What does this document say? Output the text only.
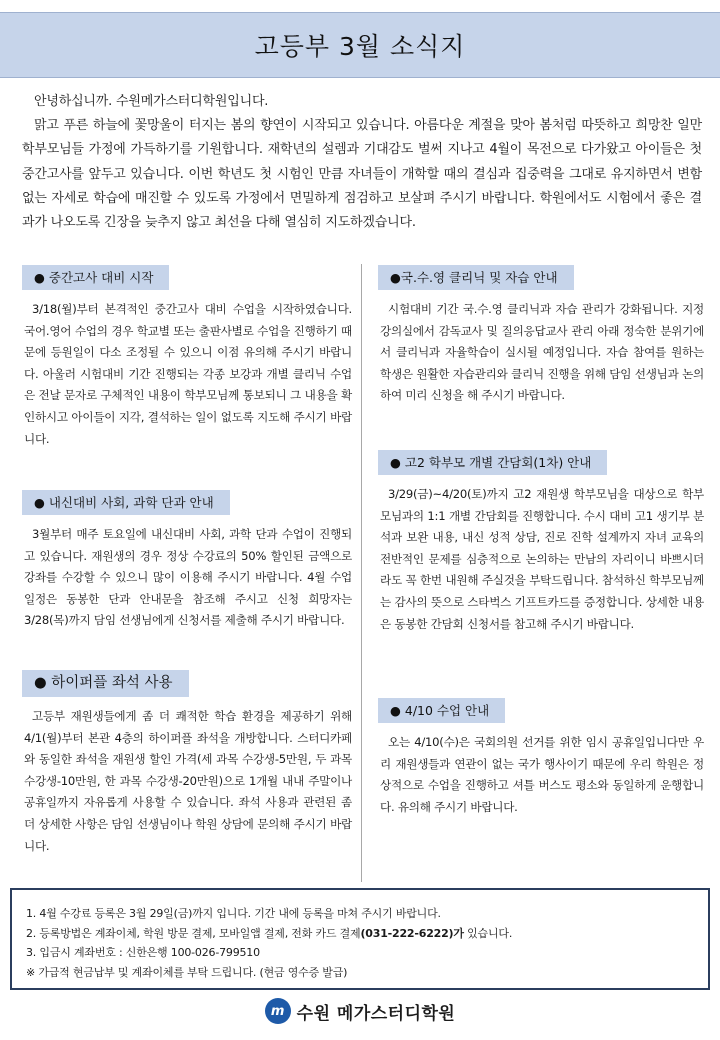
고등부 3월 소식지

안녕하십니까. 수원메가스터디학원입니다.

맑고 푸른 하늘에 꽃망울이 터지는 봄의 향연이 시작되고 있습니다. 아름다운 계절을 맞아 봄처럼 따뜻하고 희망찬 일만 학부모님들 가정에 가득하기를 기원합니다. 재학년의 설렘과 기대감도 벌써 지나고 4월이 목전으로 다가왔고 아이들은 첫 중간고사를 앞두고 있습니다. 이번 학년도 첫 시험인 만큼 자녀들이 개학할 때의 결심과 집중력을 그대로 유지하면서 변함없는 자세로 학습에 매진할 수 있도록 가정에서 면밀하게 점검하고 보살펴 주시기 바랍니다. 학원에서도 시험에서 좋은 결과가 나오도록 긴장을 늦추지 않고 최선을 다해 열심히 지도하겠습니다.

● 중간고사 대비 시작

3/18(월)부터 본격적인 중간고사 대비 수업을 시작하였습니다. 국어.영어 수업의 경우 학교별 또는 출판사별로 수업을 진행하기 때문에 등원일이 다소 조정될 수 있으니 이점 유의해 주시기 바랍니다. 아울러 시험대비 기간 진행되는 각종 보강과 개별 클리닉 수업은 전날 문자로 구체적인 내용이 학부모님께 통보되니 그 내용을 확인하시고 아이들이 지각, 결석하는 일이 없도록 지도해 주시기 바랍니다.

● 내신대비 사회, 과학 단과 안내

3월부터 매주 토요일에 내신대비 사회, 과학 단과 수업이 진행되고 있습니다. 재원생의 경우 정상 수강료의 50% 할인된 금액으로 강좌를 수강할 수 있으니 많이 이용해 주시기 바랍니다. 4월 수업 일정은 동봉한 단과 안내문을 참조해 주시고 신청 희망자는 3/28(목)까지 담임 선생님에게 신청서를 제출해 주시기 바랍니다.

● 하이퍼플 좌석 사용

고등부 재원생들에게 좀 더 쾌적한 학습 환경을 제공하기 위해 4/1(월)부터 본관 4층의 하이퍼플 좌석을 개방합니다. 스터디카페와 동일한 좌석을 재원생 할인 가격(세 과목 수강생-5만원, 두 과목 수강생-10만원, 한 과목 수강생-20만원)으로 1개월 내내 주말이나 공휴일까지 자유롭게 사용할 수 있습니다. 좌석 사용과 관련된 좀 더 상세한 사항은 담임 선생님이나 학원 상담에 문의해 주시기 바랍니다.

●국.수.영 클리닉 및 자습 안내

시험대비 기간 국.수.영 클리닉과 자습 관리가 강화됩니다. 지정 강의실에서 감독교사 및 질의응답교사 관리 아래 정숙한 분위기에서 클리닉과 자율학습이 실시될 예정입니다. 자습 참여를 원하는 학생은 원활한 자습관리와 클리닉 진행을 위해 담임 선생님과 논의하여 미리 신청을 해 주시기 바랍니다.

● 고2 학부모 개별 간담회(1차) 안내

3/29(금)~4/20(토)까지 고2 재원생 학부모님을 대상으로 학부모님과의 1:1 개별 간담회를 진행합니다. 수시 대비 고1 생기부 분석과 보완 내용, 내신 성적 상담, 진로 진학 설계까지 자녀 교육의 전반적인 문제를 심층적으로 논의하는 만남의 자리이니 바쁘시더라도 꼭 한번 내원해 주실것을 부탁드립니다. 참석하신 학부모님께는 감사의 뜻으로 스타벅스 기프트카드를 증정합니다. 상세한 내용은 동봉한 간담회 신청서를 참고해 주시기 바랍니다.

● 4/10 수업 안내

오는 4/10(수)은 국회의원 선거를 위한 임시 공휴일입니다만 우리 재원생들과 연관이 없는 국가 행사이기 때문에 우리 학원은 정상적으로 수업을 진행하고 셔틀 버스도 평소와 동일하게 운행합니다. 유의해 주시기 바랍니다.

1. 4월 수강료 등록은 3월 29일(금)까지 입니다. 기간 내에 등록을 마쳐 주시기 바랍니다.
2. 등록방법은 계좌이체, 학원 방문 결제, 모바일앱 결제, 전화 카드 결제(031-222-6222)가 있습니다.
3. 입금시 계좌번호 : 신한은행 100-026-799510
※ 가급적 현금납부 및 계좌이체를 부탁 드립니다. (현금 영수증 발급)
m 수원 메가스터디학원
